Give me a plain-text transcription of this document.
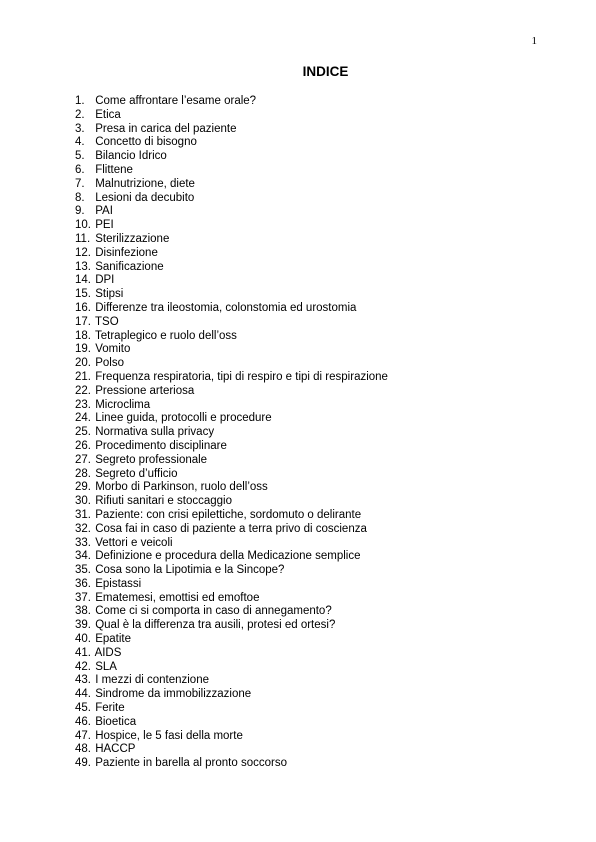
1
INDICE
1. Come affrontare l’esame orale?
2. Etica
3. Presa in carica del paziente
4. Concetto di bisogno
5. Bilancio Idrico
6. Flittene
7. Malnutrizione, diete
8. Lesioni da decubito
9. PAI
10. PEI
11. Sterilizzazione
12. Disinfezione
13. Sanificazione
14. DPI
15. Stipsi
16. Differenze tra ileostomia, colonstomia ed urostomia
17. TSO
18. Tetraplegico e ruolo dell’oss
19. Vomito
20. Polso
21. Frequenza respiratoria, tipi di respiro e tipi di respirazione
22. Pressione arteriosa
23. Microclima
24. Linee guida, protocolli e procedure
25. Normativa sulla privacy
26. Procedimento disciplinare
27. Segreto professionale
28. Segreto d’ufficio
29. Morbo di Parkinson, ruolo dell’oss
30. Rifiuti sanitari e stoccaggio
31. Paziente: con crisi epilettiche, sordomuto o delirante
32. Cosa fai in caso di paziente a terra privo di coscienza
33. Vettori e veicoli
34. Definizione e procedura della Medicazione semplice
35. Cosa sono la Lipotimia e la Sincope?
36. Epistassi
37. Ematemesi, emottisi ed emoftoe
38. Come ci si comporta in caso di annegamento?
39. Qual è la differenza tra ausili, protesi ed ortesi?
40. Epatite
41. AIDS
42. SLA
43. I mezzi di contenzione
44. Sindrome da immobilizzazione
45. Ferite
46. Bioetica
47. Hospice, le 5 fasi della morte
48. HACCP
49. Paziente in barella al pronto soccorso
